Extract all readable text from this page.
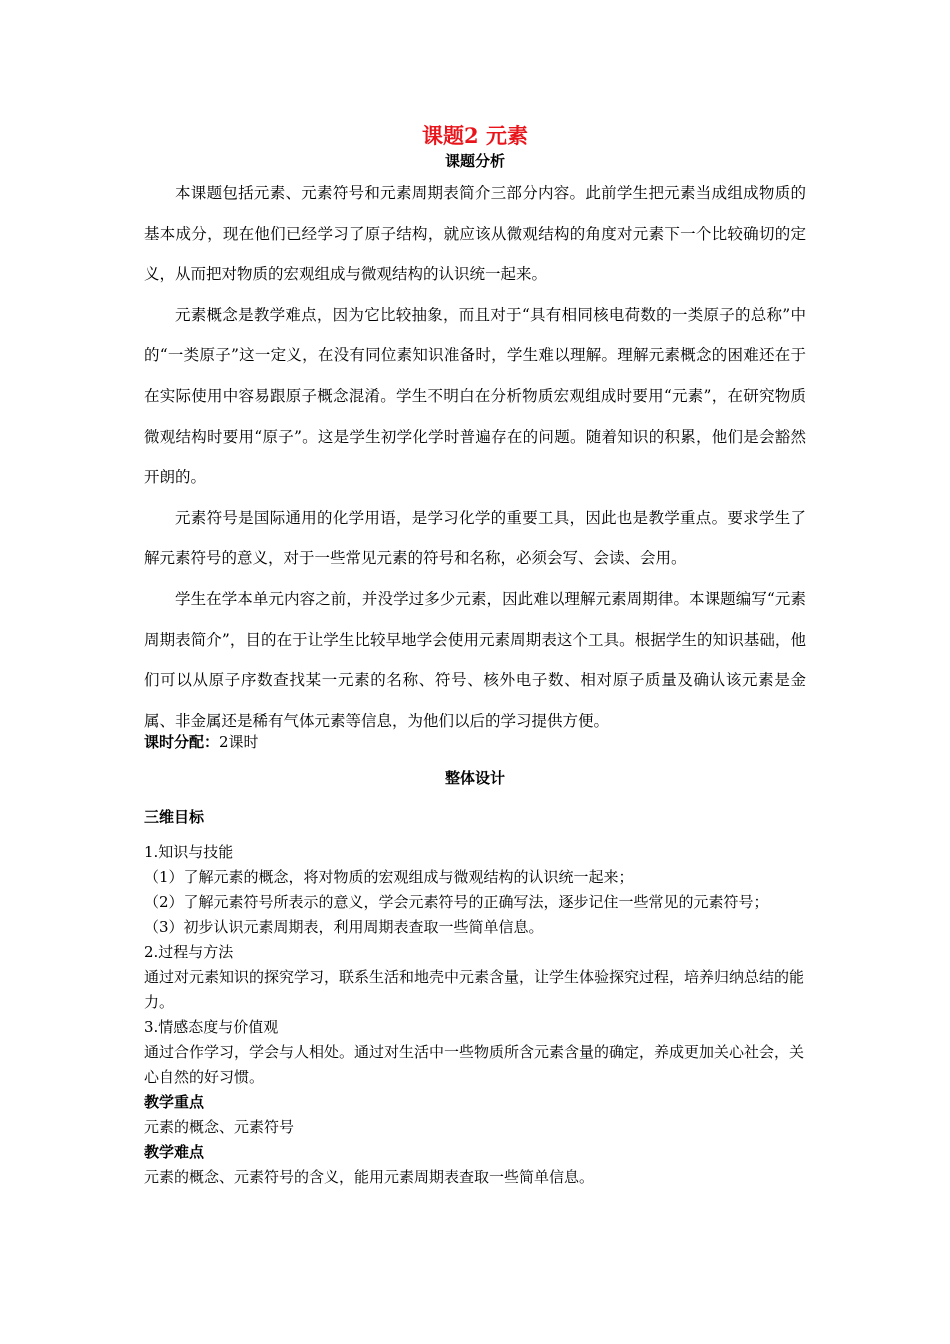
课题2 元素
课题分析

本课题包括元素、元素符号和元素周期表简介三部分内容。此前学生把元素当成组成物质的基本成分，现在他们已经学习了原子结构，就应该从微观结构的角度对元素下一个比较确切的定义，从而把对物质的宏观组成与微观结构的认识统一起来。

元素概念是教学难点，因为它比较抽象，而且对于“具有相同核电荷数的一类原子的总称”中的“一类原子”这一定义，在没有同位素知识准备时，学生难以理解。理解元素概念的困难还在于在实际使用中容易跟原子概念混淆。学生不明白在分析物质宏观组成时要用“元素”，在研究物质微观结构时要用“原子”。这是学生初学化学时普遍存在的问题。随着知识的积累，他们是会豁然开朗的。

元素符号是国际通用的化学用语，是学习化学的重要工具，因此也是教学重点。要求学生了解元素符号的意义，对于一些常见元素的符号和名称，必须会写、会读、会用。

学生在学本单元内容之前，并没学过多少元素，因此难以理解元素周期律。本课题编写“元素周期表简介”，目的在于让学生比较早地学会使用元素周期表这个工具。根据学生的知识基础，他们可以从原子序数查找某一元素的名称、符号、核外电子数、相对原子质量及确认该元素是金属、非金属还是稀有气体元素等信息，为他们以后的学习提供方便。

课时分配：2课时

整体设计

三维目标

1.知识与技能

（1）了解元素的概念，将对物质的宏观组成与微观结构的认识统一起来；

（2）了解元素符号所表示的意义，学会元素符号的正确写法，逐步记住一些常见的元素符号；

（3）初步认识元素周期表，利用周期表查取一些简单信息。

2.过程与方法

通过对元素知识的探究学习，联系生活和地壳中元素含量，让学生体验探究过程，培养归纳总结的能力。

3.情感态度与价值观

通过合作学习，学会与人相处。通过对生活中一些物质所含元素含量的确定，养成更加关心社会，关心自然的好习惯。

教学重点

元素的概念、元素符号

教学难点

元素的概念、元素符号的含义，能用元素周期表查取一些简单信息。
